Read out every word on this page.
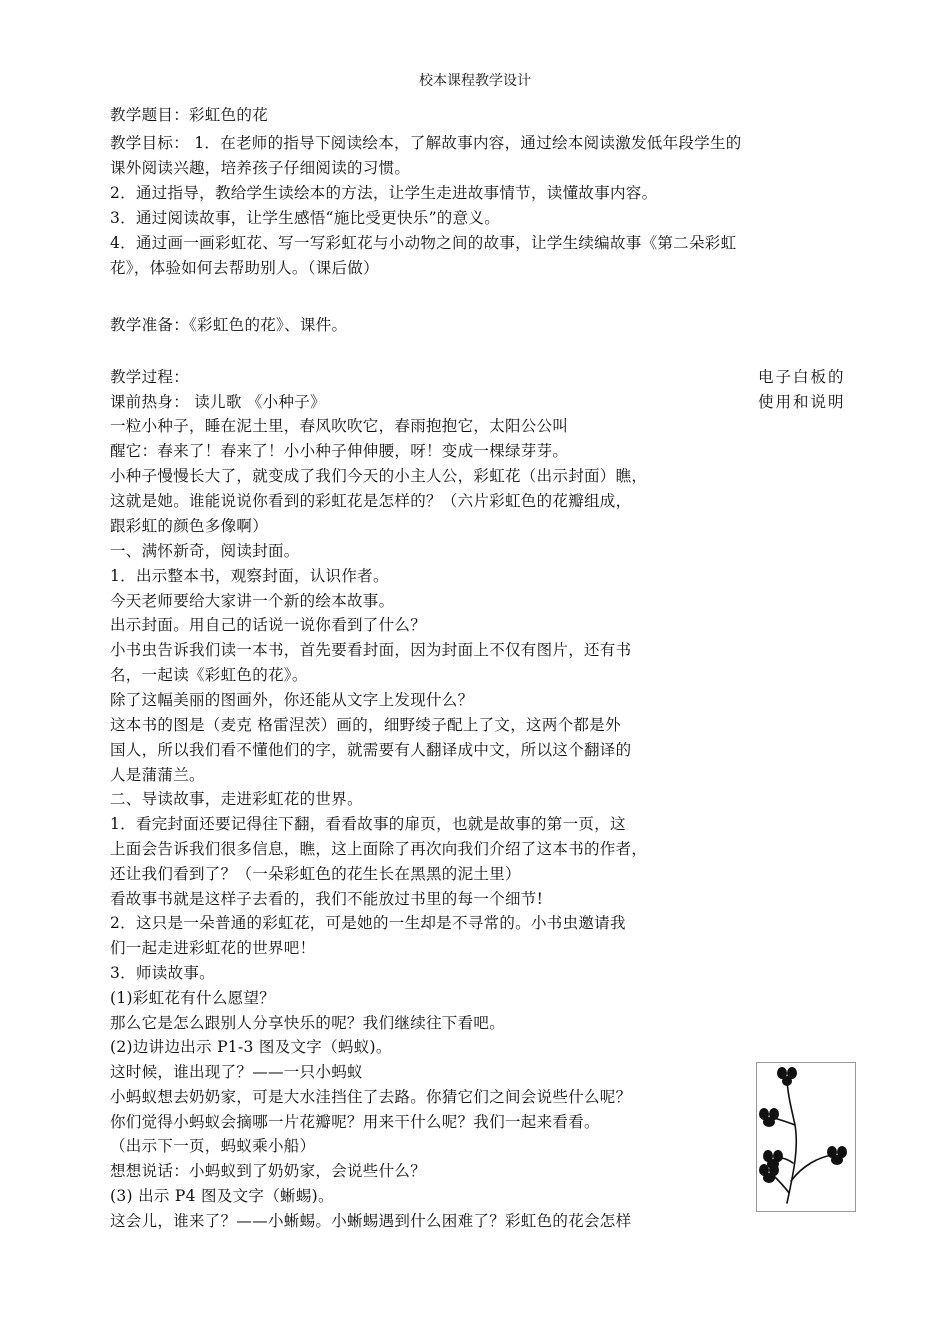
校本课程教学设计
教学题目：彩虹色的花
教学目标： 1．在老师的指导下阅读绘本，了解故事内容，通过绘本阅读激发低年段学生的
课外阅读兴趣，培养孩子仔细阅读的习惯。
2．通过指导，教给学生读绘本的方法，让学生走进故事情节，读懂故事内容。
3．通过阅读故事，让学生感悟“施比受更快乐”的意义。
4．通过画一画彩虹花、写一写彩虹花与小动物之间的故事，让学生续编故事《第二朵彩虹
花》，体验如何去帮助别人。（课后做）
教学准备：《彩虹色的花》、课件。
教学过程：
课前热身： 读儿歌 《小种子》
一粒小种子，睡在泥土里，春风吹吹它，春雨抱抱它，太阳公公叫
醒它：春来了！春来了！小小种子伸伸腰，呀！变成一棵绿芽芽。
小种子慢慢长大了，就变成了我们今天的小主人公，彩虹花（出示封面）瞧，
这就是她。谁能说说你看到的彩虹花是怎样的？（六片彩虹色的花瓣组成，
跟彩虹的颜色多像啊）
一、满怀新奇，阅读封面。
1．出示整本书，观察封面，认识作者。
今天老师要给大家讲一个新的绘本故事。
出示封面。用自己的话说一说你看到了什么？
小书虫告诉我们读一本书，首先要看封面，因为封面上不仅有图片，还有书
名，一起读《彩虹色的花》。
除了这幅美丽的图画外，你还能从文字上发现什么？
这本书的图是（麦克 格雷涅茨）画的，细野绫子配上了文，这两个都是外
国人，所以我们看不懂他们的字，就需要有人翻译成中文，所以这个翻译的
人是蒲蒲兰。
二、导读故事，走进彩虹花的世界。
1．看完封面还要记得往下翻，看看故事的扉页，也就是故事的第一页，这
上面会告诉我们很多信息，瞧，这上面除了再次向我们介绍了这本书的作者，
还让我们看到了？（一朵彩虹色的花生长在黑黑的泥土里）
看故事书就是这样子去看的，我们不能放过书里的每一个细节!
2．这只是一朵普通的彩虹花，可是她的一生却是不寻常的。小书虫邀请我
们一起走进彩虹花的世界吧！
3．师读故事。
(1)彩虹花有什么愿望？
那么它是怎么跟别人分享快乐的呢？我们继续往下看吧。
(2)边讲边出示 P1-3 图及文字（蚂蚁)。
这时候，谁出现了？——一只小蚂蚁
小蚂蚁想去奶奶家，可是大水洼挡住了去路。你猜它们之间会说些什么呢？
你们觉得小蚂蚁会摘哪一片花瓣呢？用来干什么呢？我们一起来看看。
（出示下一页，蚂蚁乘小船）
想想说话：小蚂蚁到了奶奶家，会说些什么？
(3) 出示 P4 图及文字（蜥蜴)。
这会儿，谁来了？——小蜥蜴。小蜥蜴遇到什么困难了？彩虹色的花会怎样
电子白板的
使用和说明
